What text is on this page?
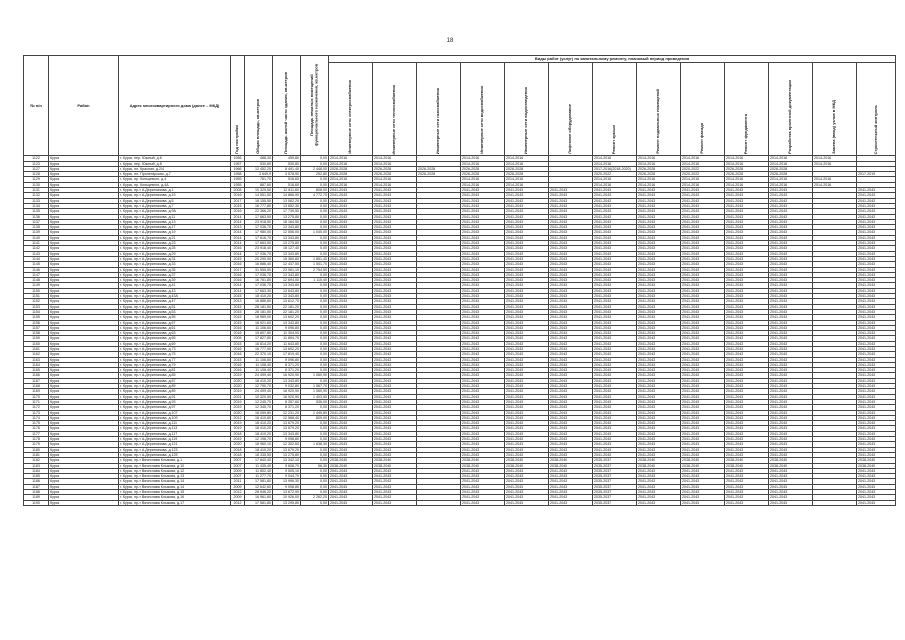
18
№ п/п	Район	Адрес многоквартирного дома (далее – МКД)	Год постройки	Общая площадь, кв.метров	Площадь жилой части здания, кв.метров	Площадь нежилых помещений функционального назначения, кв.метров	Виды работ (услуг) по капитальному ремонту, плановый период проведения												
							Инженерные сети электроснабжения	Инженерные сети теплоснабжения	Инженерные сети газоснабжения	Инженерные сети водоснабжения	Инженерные сети водоотведения	Лифтовое оборудование	Ремонт крыши	Ремонт подвальных помещений	Ремонт фасада	Ремонт фундамента	Разработка проектной документации	Замена (ввод) узлов в МКД	Строительный контроль
1122	Курск	г. Курск, пер. Южный, д.6	1956	488,30	459,80	0,00	2014-2016	2014-2016		2014-2016	2014-2016		2014-2016	2014-2016	2014-2016	2014-2016	2014-2016	2014-2016	
1123	Курск	г. Курск, пер. Южный, д.8	1957	530,80	530,80	0,00	2014-2016	2014-2016		2014-2016	2014-2016		2014-2016	2014-2016	2014-2016	2014-2016	2014-2016	2014-2016	
1127	Курск	г. Курск, пл. Красная, д.2/4	1966	12 452,20	8 491,40	2 448,00	2026-2028	2026-2028	2026-2028	2026-2028	2026-2028		2017-2016(2018-2020)	2026-2028	2020-2022	2026-2028	2026-2028		
1128	Курск	г. Курск, пл. Пролетарская, д.7	1958	3 649,9	3 578,90	252,80	2026-2028	2026-2028	2026-2028	2026-2028	2026-2028		2020-2022	2026-2028	2020-2022	2026-2028	2026-2028		2017-2019
1129	Курск	г. Курск, пр. Кольцевого, д.4	1955	761,70	516,60	0,00	2014-2016	2014-2016		2014-2016	2014-2016		2014-2016	2014-2016	2014-2016	2014-2016	2014-2016	2014-2016	
1130	Курск	г. Курск, пр. Кольцевого, д.4А	1955	867,60	516,60	0,00	2014-2016	2014-2016		2014-2016	2014-2016		2014-2016	2014-2016	2014-2016	2014-2016	2014-2016	2014-2016	
1131	Курск	г. Курск, пр-т А.Дериглазова, д.1	2008	10 329,50	12 811,60	808,00	2041-2043	2041-2043		2041-2043	2041-2043	2041-2043	2041-2043	2041-2043	2041-2043	2041-2043	2041-2043		2041-2043
1132	Курск	г. Курск, пр-т А.Дериглазова, д.15	2016	14 551,50	14 866,90	4 772,70	2041-2043	2041-2043		2041-2043	2041-2043	2041-2043	2041-2043	2041-2043	2041-2043	2041-2043	2041-2043		2041-2043
1133	Курск	г. Курск, пр-т А.Дериглазова, д.5	2017	18 155,50	13 062,20	0,00	2041-2043	2041-2043		2041-2043	2041-2043	2041-2043	2041-2043	2041-2043	2041-2043	2041-2043	2041-2043		2041-2043
1134	Курск	г. Курск, пр-т А.Дериглазова, д.7	2015	16 777,80	13 652,30	0,00	2041-2043	2041-2043		2041-2043	2041-2043	2041-2043	2041-2043	2041-2043	2041-2043	2041-2043	2041-2043		2041-2043
1135	Курск	г. Курск, пр-т А.Дериглазова, д.9А	2016	22 366,20	17 739,50	0,00	2041-2043	2041-2043		2041-2043	2041-2043	2041-2043	2041-2043	2041-2043	2041-2043	2041-2043	2041-2043		2041-2043
1136	Курск	г. Курск, пр-т А.Дериглазова, д.11	2014	17 663,50	13 275,80	0,00	2041-2043	2041-2043		2041-2043	2041-2043	2041-2043	2041-2043	2041-2043	2041-2043	2041-2043	2041-2043		2041-2043
1137	Курск	г. Курск, пр-т А.Дериглазова, д.13	2014	23 918,50	18 164,50	0,00	2041-2043	2041-2043		2041-2043	2041-2043	2041-2043	2041-2043	2041-2043	2041-2043	2041-2043	2041-2043		2041-2043
1138	Курск	г. Курск, пр-т А.Дериглазова, д.17	2013	17 036,70	13 343,80	0,00	2041-2043	2041-2043		2041-2043	2041-2043	2041-2043	2041-2043	2041-2043	2041-2043	2041-2043	2041-2043		2041-2043
1139	Курск	г. Курск, пр-т А.Дериглазова, д.19	2014	17 980,00	12 556,00	1 040,00	2041-2043	2041-2043		2041-2043	2041-2043	2041-2043	2041-2043	2041-2043	2041-2043	2041-2043	2041-2043		2041-2043
1140	Курск	г. Курск, пр-т А.Дериглазова, д.21	2014	17 616,70	13 343,80	0,00	2041-2043	2041-2043		2041-2043	2041-2043	2041-2043	2041-2043	2041-2043	2041-2043	2041-2043	2041-2043		2041-2043
1141	Курск	г. Курск, пр-т А.Дериглазова, д.23	2014	17 663,50	13 275,80	0,00	2041-2043	2041-2043		2041-2043	2041-2043	2041-2043	2041-2043	2041-2043	2041-2043	2041-2043	2041-2043		2041-2043
1142	Курск	г. Курск, пр-т А.Дериглазова, д.25	2016	23 918,40	18 127,40	0,00	2041-2043	2041-2043		2041-2043	2041-2043	2041-2043	2041-2043	2041-2043	2041-2043	2041-2043	2041-2043		2041-2043
1143	Курск	г. Курск, пр-т А.Дериглазова, д.29	2014	17 036,70	13 343,80	0,00	2041-2043	2041-2043		2041-2043	2041-2043	2041-2043	2041-2043	2041-2043	2041-2043	2041-2043	2041-2043		2041-2043
1144	Курск	г. Курск, пр-т А.Дериглазова, д.31	2015	20 290,90	15 360,80	1 851,40	2041-2043	2041-2043		2041-2043	2041-2043	2041-2043	2041-2043	2041-2043	2041-2043	2041-2043	2041-2043		2041-2043
1145	Курск	г. Курск, пр-т А.Дериглазова, д.33	2016	16 686,40	12 437,50	1 501,70	2041-2043	2041-2043		2041-2043	2041-2043	2041-2043	2041-2043	2041-2043	2041-2043	2041-2043	2041-2043		2041-2043
1146	Курск	г. Курск, пр-т А.Дериглазова, д.35	2017	31 555,50	23 061,10	2 754,50	2041-2043	2041-2043		2041-2043	2041-2043	2041-2043	2041-2043	2041-2043	2041-2043	2041-2043	2041-2043		2041-2043
1147	Курск	г. Курск, пр-т А.Дериглазова, д.37	2016	17 036,70	13 343,80	0,00	2041-2043	2041-2043		2041-2043	2041-2043	2041-2043	2041-2043	2041-2043	2041-2043	2041-2043	2041-2043		2041-2043
1148	Курск	г. Курск, пр-т А.Дериглазова, д.39	2016	16 761,80	12 694,00	1 115,40	2041-2043	2041-2043		2041-2043	2041-2043	2041-2043	2041-2043	2041-2043	2041-2043	2041-2043	2041-2043		2041-2043
1149	Курск	г. Курск, пр-т А.Дериглазова, д.41	2014	17 036,70	13 343,80	0,00	2041-2043	2041-2043		2041-2043	2041-2043	2041-2043	2041-2043	2041-2043	2041-2043	2041-2043	2041-2043		2041-2043
1150	Курск	г. Курск, пр-т А.Дериглазова, д.43	2014	17 663,30	13 643,80	0,00	2041-2043	2041-2043		2041-2043	2041-2043	2041-2043	2041-2043	2041-2043	2041-2043	2041-2043	2041-2043		2041-2043
1151	Курск	г. Курск, пр-т А.Дериглазова, д.43А	2015	18 410,20	13 343,80	0,00	2041-2043	2041-2043		2041-2043	2041-2043	2041-2043	2041-2043	2041-2043	2041-2043	2041-2043	2041-2043		2041-2043
1152	Курск	г. Курск, пр-т А.Дериглазова, д.47	2013	16 886,60	13 612,70	0,00	2041-2043	2041-2043		2041-2043	2041-2043	2041-2043	2041-2043	2041-2043	2041-2043	2041-2043	2041-2043		2041-2043
1153	Курск	г. Курск, пр-т А.Дериглазова, д.51	2015	28 181,50	22 181,20	0,00	2041-2043	2041-2043		2041-2043	2041-2043	2041-2043	2041-2043	2041-2043	2041-2043	2041-2043	2041-2043		2041-2043
1154	Курск	г. Курск, пр-т А.Дериглазова, д.53	2015	28 181,50	22 181,20	0,00	2041-2043	2041-2043		2041-2043	2041-2043	2041-2043	2041-2043	2041-2043	2041-2043	2041-2043	2041-2043		2041-2043
1155	Курск	г. Курск, пр-т А.Дериглазова, д.55	2015	18 989,00	13 602,20	0,00	2041-2043	2041-2043		2041-2043	2041-2043	2041-2043	2041-2043	2041-2043	2041-2043	2041-2043	2041-2043		2041-2043
1156	Курск	г. Курск, пр-т А.Дериглазова, д.57	2015	16 921,60	13 343,80	0,00	2041-2043	2041-2043		2041-2043	2041-2043	2041-2043	2041-2043	2041-2043	2041-2043	2041-2043	2041-2043		2041-2043
1157	Курск	г. Курск, пр-т А.Дериглазова, д.61	2016	11 106,60	9 096,80	0,00	2041-2043	2041-2043		2041-2043	2041-2043	2041-2043	2041-2043	2041-2043	2041-2043	2041-2043	2041-2043		2041-2043
1158	Курск	г. Курск, пр-т А.Дериглазова, д.63	2016	15 807,80	11 304,00	0,00	2041-2043	2041-2043		2041-2043	2041-2043	2041-2043	2041-2043	2041-2043	2041-2043	2041-2043	2041-2043		2041-2043
1159	Курск	г. Курск, пр-т А.Дериглазова, д.65	2005	17 827,80	11 894,70	0,00	2041-2043	2041-2043		2041-2043	2041-2043	2041-2043	2041-2043	2041-2043	2041-2043	2041-2043	2041-2043		2041-2043
1160	Курск	г. Курск, пр-т А.Дериглазова, д.69	2015	16 814,20	11 643,80	0,00	2041-2043	2041-2043		2041-2043	2041-2043	2041-2043	2041-2043	2041-2043	2041-2043	2041-2043	2041-2043		2041-2043
1161	Курск	г. Курск, пр-т А.Дериглазова, д.73	2016	16 777,50	13 602,20	0,00	2041-2043	2041-2043		2041-2043	2041-2043	2041-2043	2041-2043	2041-2043	2041-2043	2041-2043	2041-2043		2041-2043
1162	Курск	г. Курск, пр-т А.Дериглазова, д.75	2016	22 370,10	17 819,40	0,00	2041-2043	2041-2043		2041-2043	2041-2043	2041-2043	2041-2043	2041-2043	2041-2043	2041-2043	2041-2043		2041-2043
1163	Курск	г. Курск, пр-т А.Дериглазова, д.77	2015	11 106,60	9 096,80	0,00	2041-2043	2041-2043		2041-2043	2041-2043	2041-2043	2041-2043	2041-2043	2041-2043	2041-2043	2041-2043		2041-2043
1164	Курск	г. Курск, пр-т А.Дериглазова, д.79	2016	11 108,40	8 371,20	0,00	2041-2043	2041-2043		2041-2043	2041-2043	2041-2043	2041-2043	2041-2043	2041-2043	2041-2043	2041-2043		2041-2043
1165	Курск	г. Курск, пр-т А.Дериглазова, д.81	2016	11 108,40	8 371,20	0,00	2041-2043	2041-2043		2041-2043	2041-2043	2041-2043	2041-2043	2041-2043	2041-2043	2041-2043	2041-2043		2041-2043
1166	Курск	г. Курск, пр-т А.Дериглазова, д.85	2019	24 499,40	16 920,90	1 060,90	2041-2043	2041-2043		2041-2043	2041-2043	2041-2043	2041-2043	2041-2043	2041-2043	2041-2043	2041-2043		2041-2043
1167	Курск	г. Курск, пр-т А.Дериглазова, д.87	2020	18 410,20	13 343,80	0,00	2041-2043	2041-2043		2041-2043	2041-2043	2041-2043	2041-2043	2041-2043	2041-2043	2041-2043	2041-2043		2041-2043
1168	Курск	г. Курск, пр-т А.Дериглазова, д.89	2020	12 790,70	9 032,80	1 567,70	2041-2043	2041-2043		2041-2043	2041-2043	2041-2043	2041-2043	2041-2043	2041-2043	2041-2043	2041-2043		2041-2043
1169	Курск	г. Курск, пр-т А.Дериглазова, д.89	2019	24 499,40	16 920,90	1 060,90	2041-2043	2041-2043		2041-2043	2041-2043	2041-2043	2041-2043	2041-2043	2041-2043	2041-2043	2041-2043		2041-2043
1170	Курск	г. Курск, пр-т А.Дериглазова, д.91	2021	10 320,50	16 920,90	1 403,50	2041-2043	2041-2043		2041-2043	2041-2043	2041-2043	2041-2043	2041-2043	2041-2043	2041-2043	2041-2043		2041-2043
1171	Курск	г. Курск, пр-т А.Дериглазова, д.93	2019	12 245,70	8 357,60	536,00	2041-2043	2041-2043		2041-2043	2041-2043	2041-2043	2041-2043	2041-2043	2041-2043	2041-2043	2041-2043		2041-2043
1172	Курск	г. Курск, пр-т А.Дериглазова, д.97	2019	12 345,70	8 371,20	0,00	2041-2043	2041-2043		2041-2043	2041-2043	2041-2043	2041-2043	2041-2043	2041-2043	2041-2043	2041-2043		2041-2043
1173	Курск	г. Курск, пр-т А.Дериглазова, д.107	2020	18 059,80	12 231,20	1 445,80	2041-2043	2041-2043		2041-2043	2041-2043	2041-2043	2041-2043	2041-2043	2041-2043	2041-2043	2041-2043		2041-2043
1174	Курск	г. Курск, пр-т А.Дериглазова, д.109	2012	16 410,80	12 568,40	809,00	2041-2043	2041-2043		2041-2043	2041-2043	2041-2043	2041-2043	2041-2043	2041-2043	2041-2043	2041-2043		2041-2043
1175	Курск	г. Курск, пр-т А.Дериглазова, д.111	2019	18 410,20	13 679,20	0,00	2041-2043	2041-2043		2041-2043	2041-2043	2041-2043	2041-2043	2041-2043	2041-2043	2041-2043	2041-2043		2041-2043
1176	Курск	г. Курск, пр-т А.Дериглазова, д.113	2019	18 410,20	13 679,20	0,00	2041-2043	2041-2043		2041-2043	2041-2043	2041-2043	2041-2043	2041-2043	2041-2043	2041-2043	2041-2043		2041-2043
1177	Курск	г. Курск, пр-т А.Дериглазова, д.117	2018	18 410,20	13 343,80	0,00	2041-2043	2041-2043		2041-2043	2041-2043	2041-2043	2041-2043	2041-2043	2041-2043	2041-2043	2041-2043		2041-2043
1178	Курск	г. Курск, пр-т А.Дериглазова, д.119	2019	12 196,70	9 096,80	0,00	2041-2043	2041-2043		2041-2043	2041-2043	2041-2043	2041-2043	2041-2043	2041-2043	2041-2043	2041-2043		2041-2043
1179	Курск	г. Курск, пр-т А.Дериглазова, д.121	2020	18 960,10	12 302,60	1 638,30	2041-2043	2041-2043		2041-2043	2041-2043	2041-2043	2041-2043	2041-2043	2041-2043	2041-2043	2041-2043		2041-2043
1180	Курск	г. Курск, пр-т А.Дериглазова, д.123	2018	18 410,20	13 679,20	0,00	2041-2043	2041-2043		2041-2043	2041-2043	2041-2043	2041-2043	2041-2043	2041-2043	2041-2043	2041-2043		2041-2043
1181	Курск	г. Курск, пр-т А.Дериглазова, д.125	2018	18 335,50	13 275,80	0,00	2041-2043	2041-2043		2041-2043	2041-2043	2041-2043	2041-2043	2041-2043	2041-2043	2041-2043	2041-2043		2041-2043
1182	Курск	г. Курск, пр-т Вячеслава Клыкова, д.1	2007	17 840,40	13 342,10	0,00	2038-2040	2038-2040		2038-2040	2038-2040	2038-2040	2035-2037	2038-2040	2038-2040	2038-2040	2038-2040		2038-2040
1183	Курск	г. Курск, пр-т Вячеслава Клыкова, д.10	2007	11 435,40	9 608,70	56,30	2038-2040	2038-2040		2038-2040	2038-2040	2038-2040	2035-2037	2038-2040	2038-2040	2038-2040	2038-2040		2038-2040
1184	Курск	г. Курск, пр-т Вячеслава Клыкова, д.12	2009	11 802,40	9 505,10	0,00	2041-2043	2041-2043		2041-2043	2041-2043	2041-2043	2035-2037	2041-2043	2041-2043	2041-2043	2041-2043		2041-2043
1185	Курск	г. Курск, пр-т Вячеслава Клыкова, д.13	2007	11 277,70	9 044,70	0,00	2041-2043	2041-2043		2041-2043	2041-2043	2041-2043	2035-2037	2041-2043	2041-2043	2041-2043	2041-2043		2041-2043
1186	Курск	г. Курск, пр-т Вячеслава Клыкова, д.14	2011	17 581,80	13 996,30	0,00	2041-2043	2041-2043		2041-2043	2041-2043	2041-2043	2035-2037	2041-2043	2041-2043	2041-2043	2041-2043		2041-2043
1187	Курск	г. Курск, пр-т Вячеслава Клыкова, д.14	2009	12 642,60	9 098,80	0,00	2041-2043	2041-2043		2041-2043	2041-2043	2041-2043	2035-2037	2041-2043	2041-2043	2041-2043	2041-2043		2041-2043
1188	Курск	г. Курск, пр-т Вячеслава Клыкова, д.15	2012	28 946,20	13 672,90	0,00	2041-2043	2041-2043		2041-2043	2041-2043	2041-2043	2035-2037	2041-2043	2041-2043	2041-2043	2041-2043		2041-2043
1189	Курск	г. Курск, пр-т Вячеслава Клыкова, д.16	2009	16 961,60	10 926,00	2 262,20	2041-2043	2041-2043		2041-2043	2041-2043	2041-2043	2035-2037	2041-2043	2041-2043	2041-2043	2041-2043		2041-2043
1190	Курск	г. Курск, пр-т Вячеслава Клыкова, д.17	2012	17 581,80	13 295,80	0,00	2041-2043	2041-2043		2041-2043	2041-2043	2041-2043	2035-2037	2041-2043	2041-2043	2041-2043	2041-2043		2041-2043
